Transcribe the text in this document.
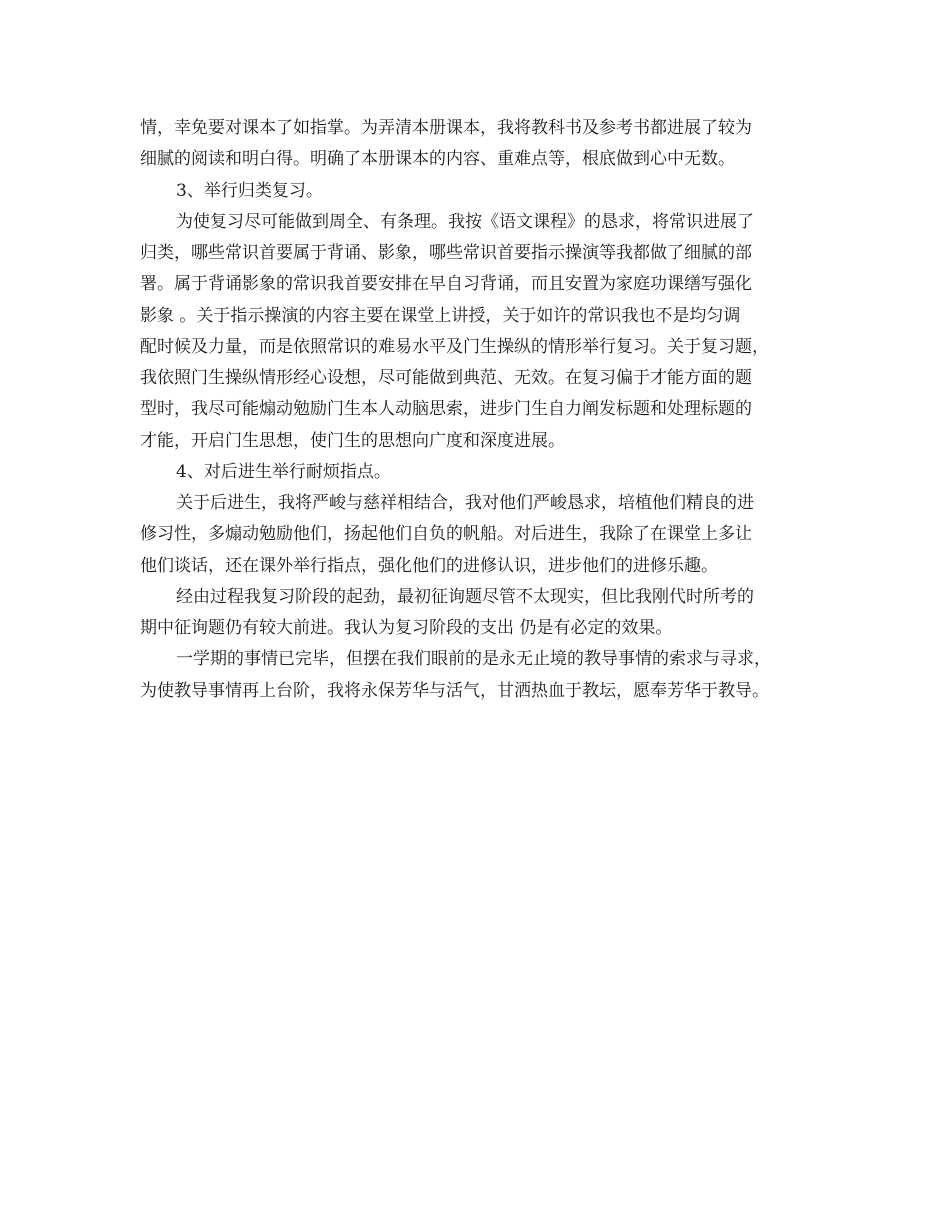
情，幸免要对课本了如指掌。为弄清本册课本，我将教科书及参考书都进展了较为
细腻的阅读和明白得。明确了本册课本的内容、重难点等，根底做到心中无数。
3、举行归类复习。
为使复习尽可能做到周全、有条理。我按《语文课程》的恳求，将常识进展了
归类，哪些常识首要属于背诵、影象，哪些常识首要指示操演等我都做了细腻的部
署。属于背诵影象的常识我首要安排在早自习背诵，而且安置为家庭功课缮写强化
影象 。关于指示操演的内容主要在课堂上讲授，关于如许的常识我也不是均匀调
配时候及力量，而是依照常识的难易水平及门生操纵的情形举行复习。关于复习题，
我依照门生操纵情形经心设想，尽可能做到典范、无效。在复习偏于才能方面的题
型时，我尽可能煽动勉励门生本人动脑思索，进步门生自力阐发标题和处理标题的
才能，开启门生思想，使门生的思想向广度和深度进展。
4、对后进生举行耐烦指点。
关于后进生，我将严峻与慈祥相结合，我对他们严峻恳求，培植他们精良的进
修习性，多煽动勉励他们，扬起他们自负的帆船。对后进生，我除了在课堂上多让
他们谈话，还在课外举行指点，强化他们的进修认识，进步他们的进修乐趣。
经由过程我复习阶段的起劲，最初征询题尽管不太现实，但比我刚代时所考的
期中征询题仍有较大前进。我认为复习阶段的支出 仍是有必定的效果。
一学期的事情已完毕，但摆在我们眼前的是永无止境的教导事情的索求与寻求，
为使教导事情再上台阶，我将永保芳华与活气，甘洒热血于教坛，愿奉芳华于教导。
